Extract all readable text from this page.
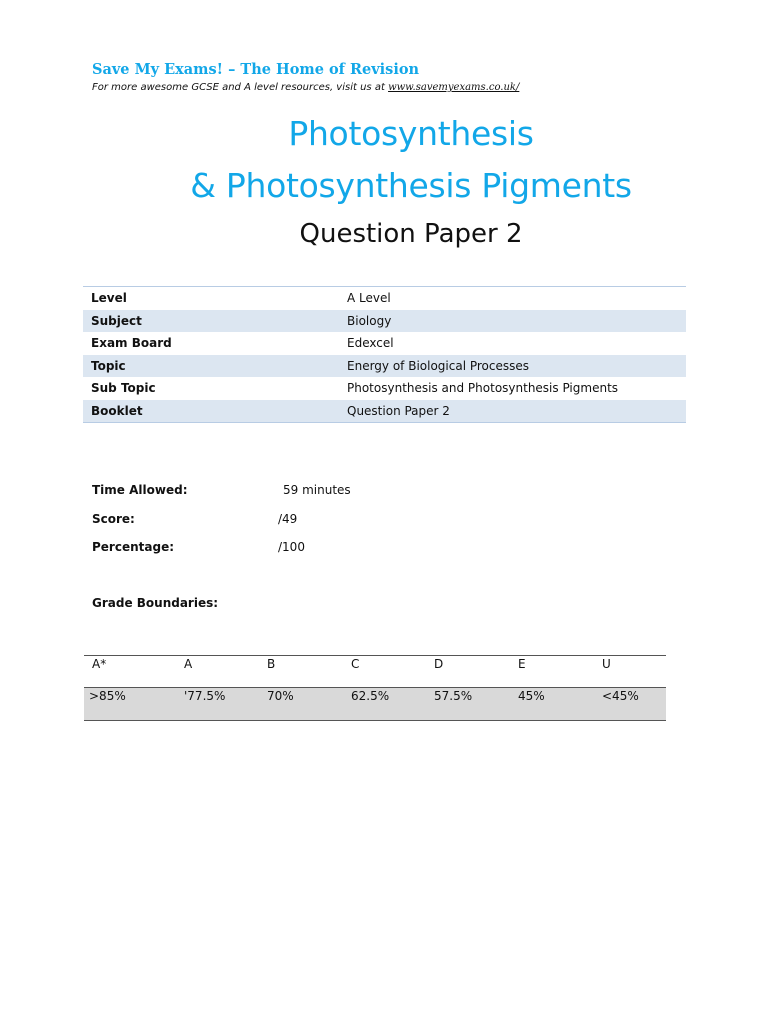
Save My Exams! – The Home of Revision
For more awesome GCSE and A level resources, visit us at www.savemyexams.co.uk/
Photosynthesis
& Photosynthesis Pigments
Question Paper 2
Level	A Level
Subject	Biology
Exam Board	Edexcel
Topic	Energy of Biological Processes
Sub Topic	Photosynthesis and Photosynthesis Pigments
Booklet	Question Paper 2
Time Allowed:	59 minutes
Score:	/49
Percentage:	/100
Grade Boundaries:
A*	A	B	C	D	E	U
>85%	'77.5%	70%	62.5%	57.5%	45%	<45%
